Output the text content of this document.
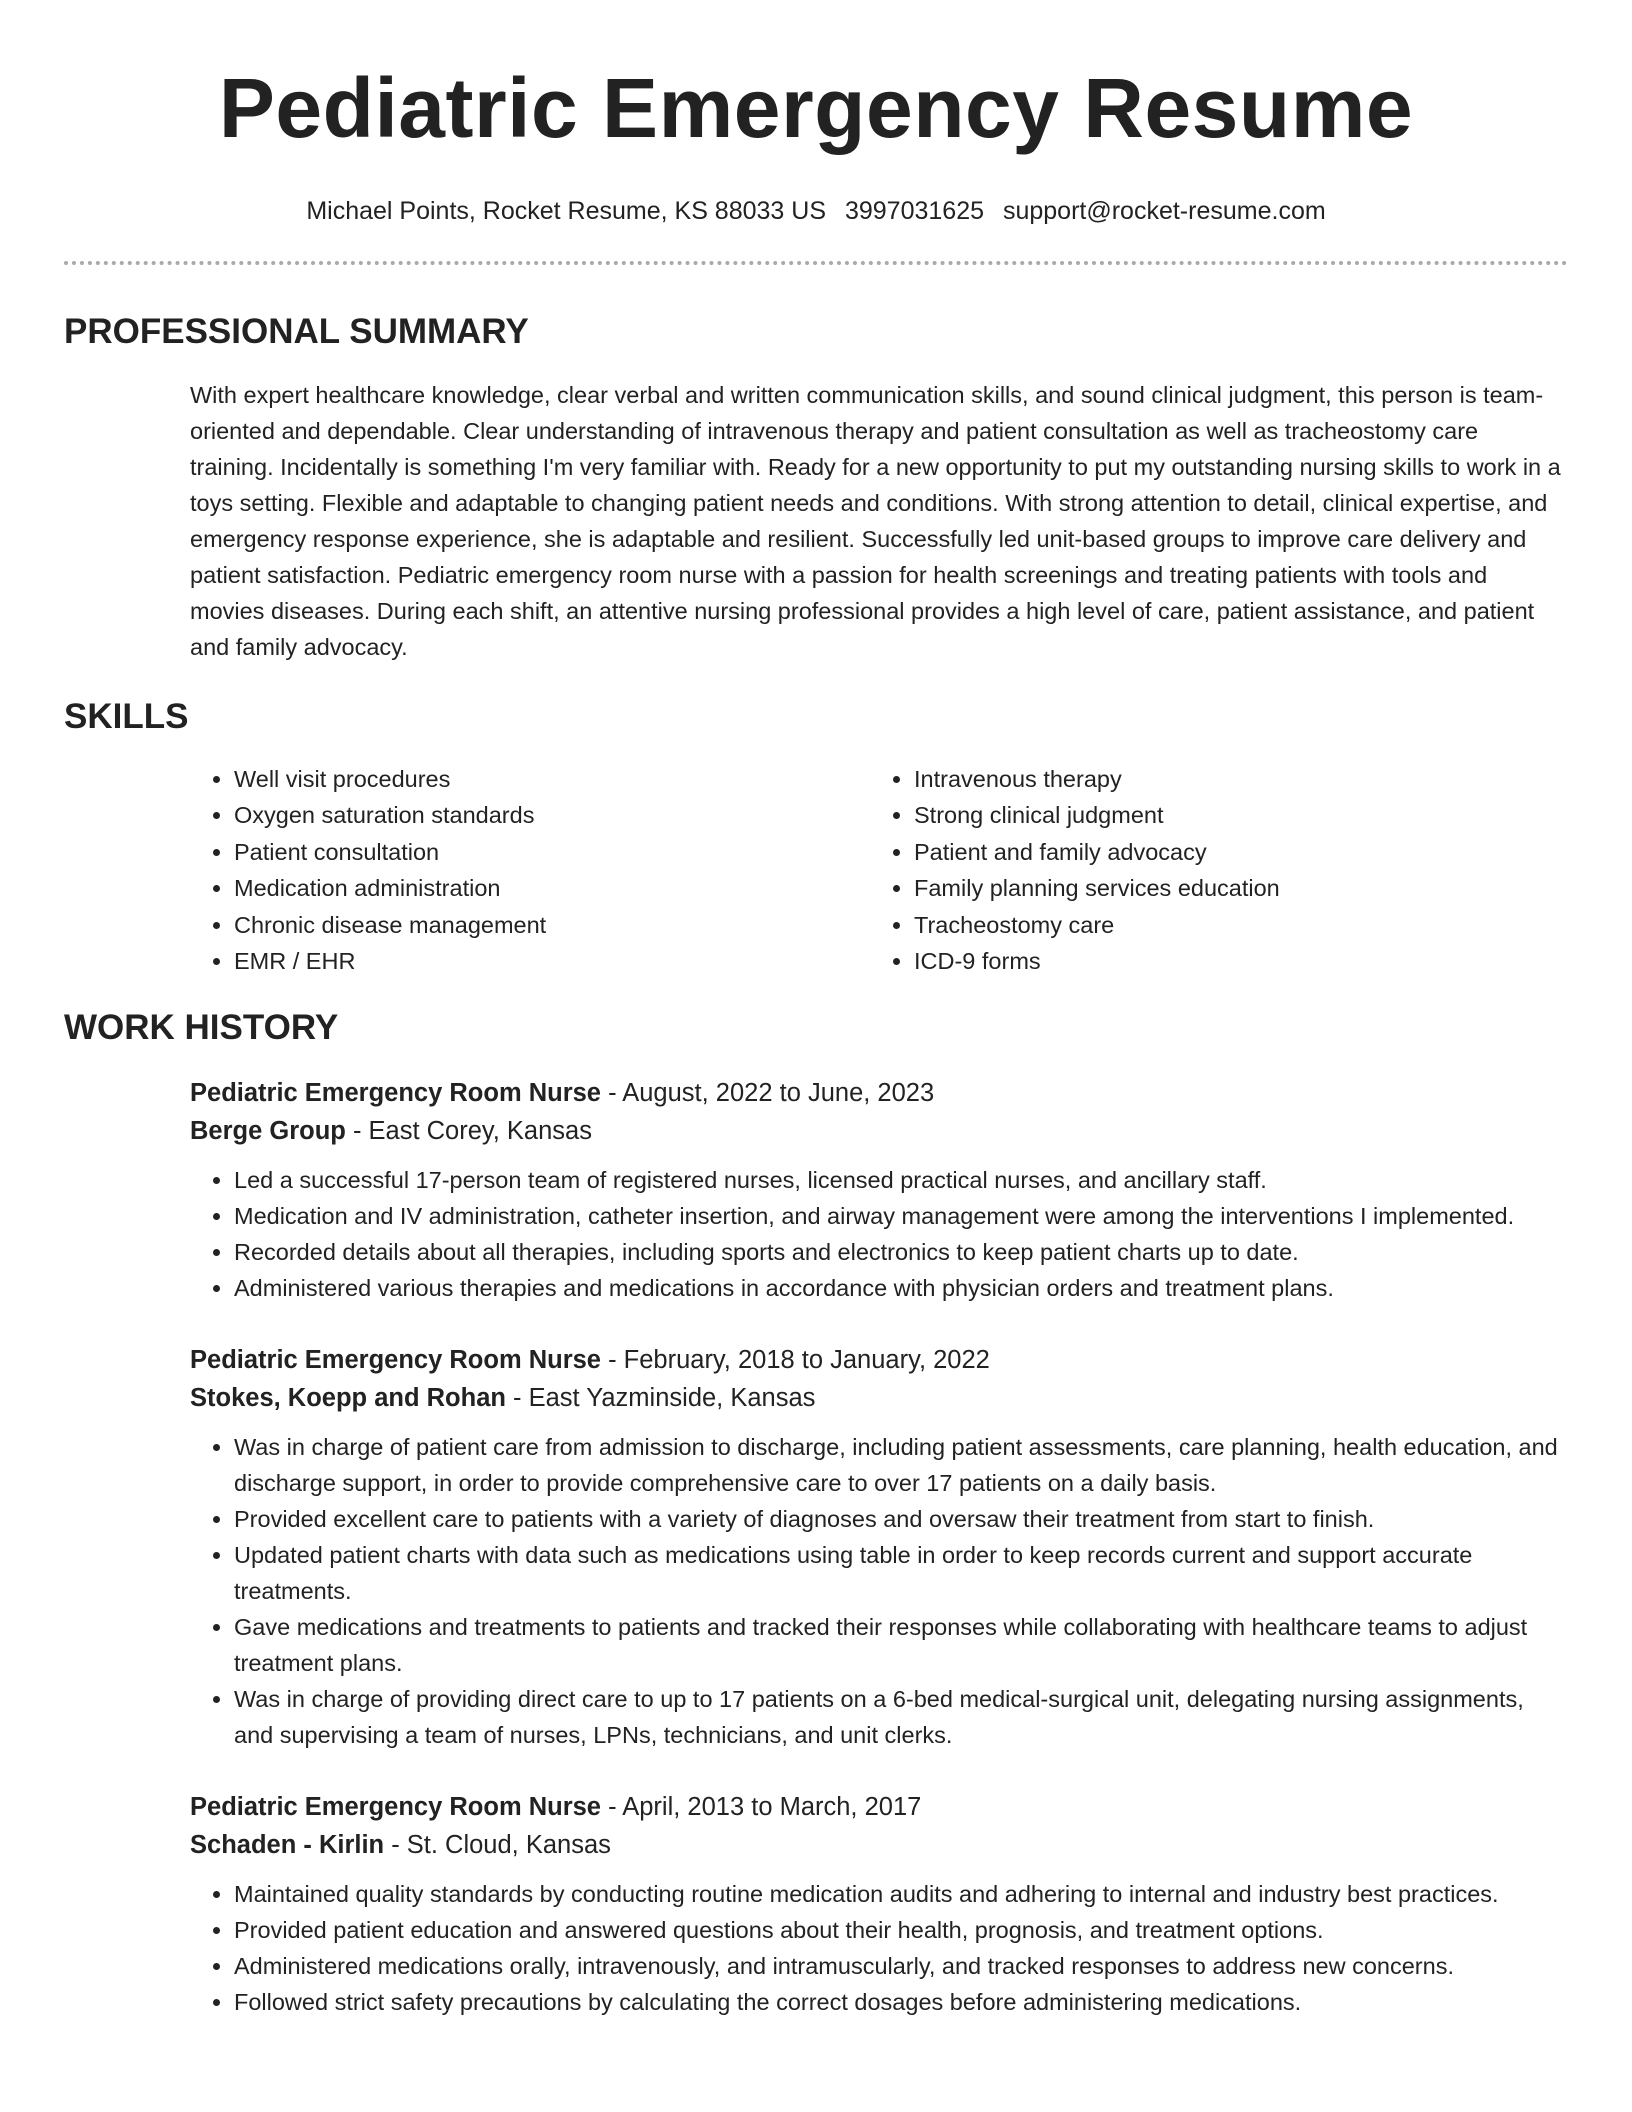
Pediatric Emergency Resume
Michael Points, Rocket Resume, KS 88033 US 3997031625 support@rocket-resume.com
PROFESSIONAL SUMMARY

With expert healthcare knowledge, clear verbal and written communication skills, and sound clinical judgment, this person is team-oriented and dependable. Clear understanding of intravenous therapy and patient consultation as well as tracheostomy care training. Incidentally is something I'm very familiar with. Ready for a new opportunity to put my outstanding nursing skills to work in a toys setting. Flexible and adaptable to changing patient needs and conditions. With strong attention to detail, clinical expertise, and emergency response experience, she is adaptable and resilient. Successfully led unit-based groups to improve care delivery and patient satisfaction. Pediatric emergency room nurse with a passion for health screenings and treating patients with tools and movies diseases. During each shift, an attentive nursing professional provides a high level of care, patient assistance, and patient and family advocacy.

SKILLS
• Well visit procedures
• Oxygen saturation standards
• Patient consultation
• Medication administration
• Chronic disease management
• EMR / EHR
• Intravenous therapy
• Strong clinical judgment
• Patient and family advocacy
• Family planning services education
• Tracheostomy care
• ICD-9 forms
WORK HISTORY
Pediatric Emergency Room Nurse - August, 2022 to June, 2023
Berge Group - East Corey, Kansas
• Led a successful 17-person team of registered nurses, licensed practical nurses, and ancillary staff.
• Medication and IV administration, catheter insertion, and airway management were among the interventions I implemented.
• Recorded details about all therapies, including sports and electronics to keep patient charts up to date.
• Administered various therapies and medications in accordance with physician orders and treatment plans.
Pediatric Emergency Room Nurse - February, 2018 to January, 2022
Stokes, Koepp and Rohan - East Yazminside, Kansas
• Was in charge of patient care from admission to discharge, including patient assessments, care planning, health education, and discharge support, in order to provide comprehensive care to over 17 patients on a daily basis.
• Provided excellent care to patients with a variety of diagnoses and oversaw their treatment from start to finish.
• Updated patient charts with data such as medications using table in order to keep records current and support accurate treatments.
• Gave medications and treatments to patients and tracked their responses while collaborating with healthcare teams to adjust treatment plans.
• Was in charge of providing direct care to up to 17 patients on a 6-bed medical-surgical unit, delegating nursing assignments, and supervising a team of nurses, LPNs, technicians, and unit clerks.
Pediatric Emergency Room Nurse - April, 2013 to March, 2017
Schaden - Kirlin - St. Cloud, Kansas
• Maintained quality standards by conducting routine medication audits and adhering to internal and industry best practices.
• Provided patient education and answered questions about their health, prognosis, and treatment options.
• Administered medications orally, intravenously, and intramuscularly, and tracked responses to address new concerns.
• Followed strict safety precautions by calculating the correct dosages before administering medications.
